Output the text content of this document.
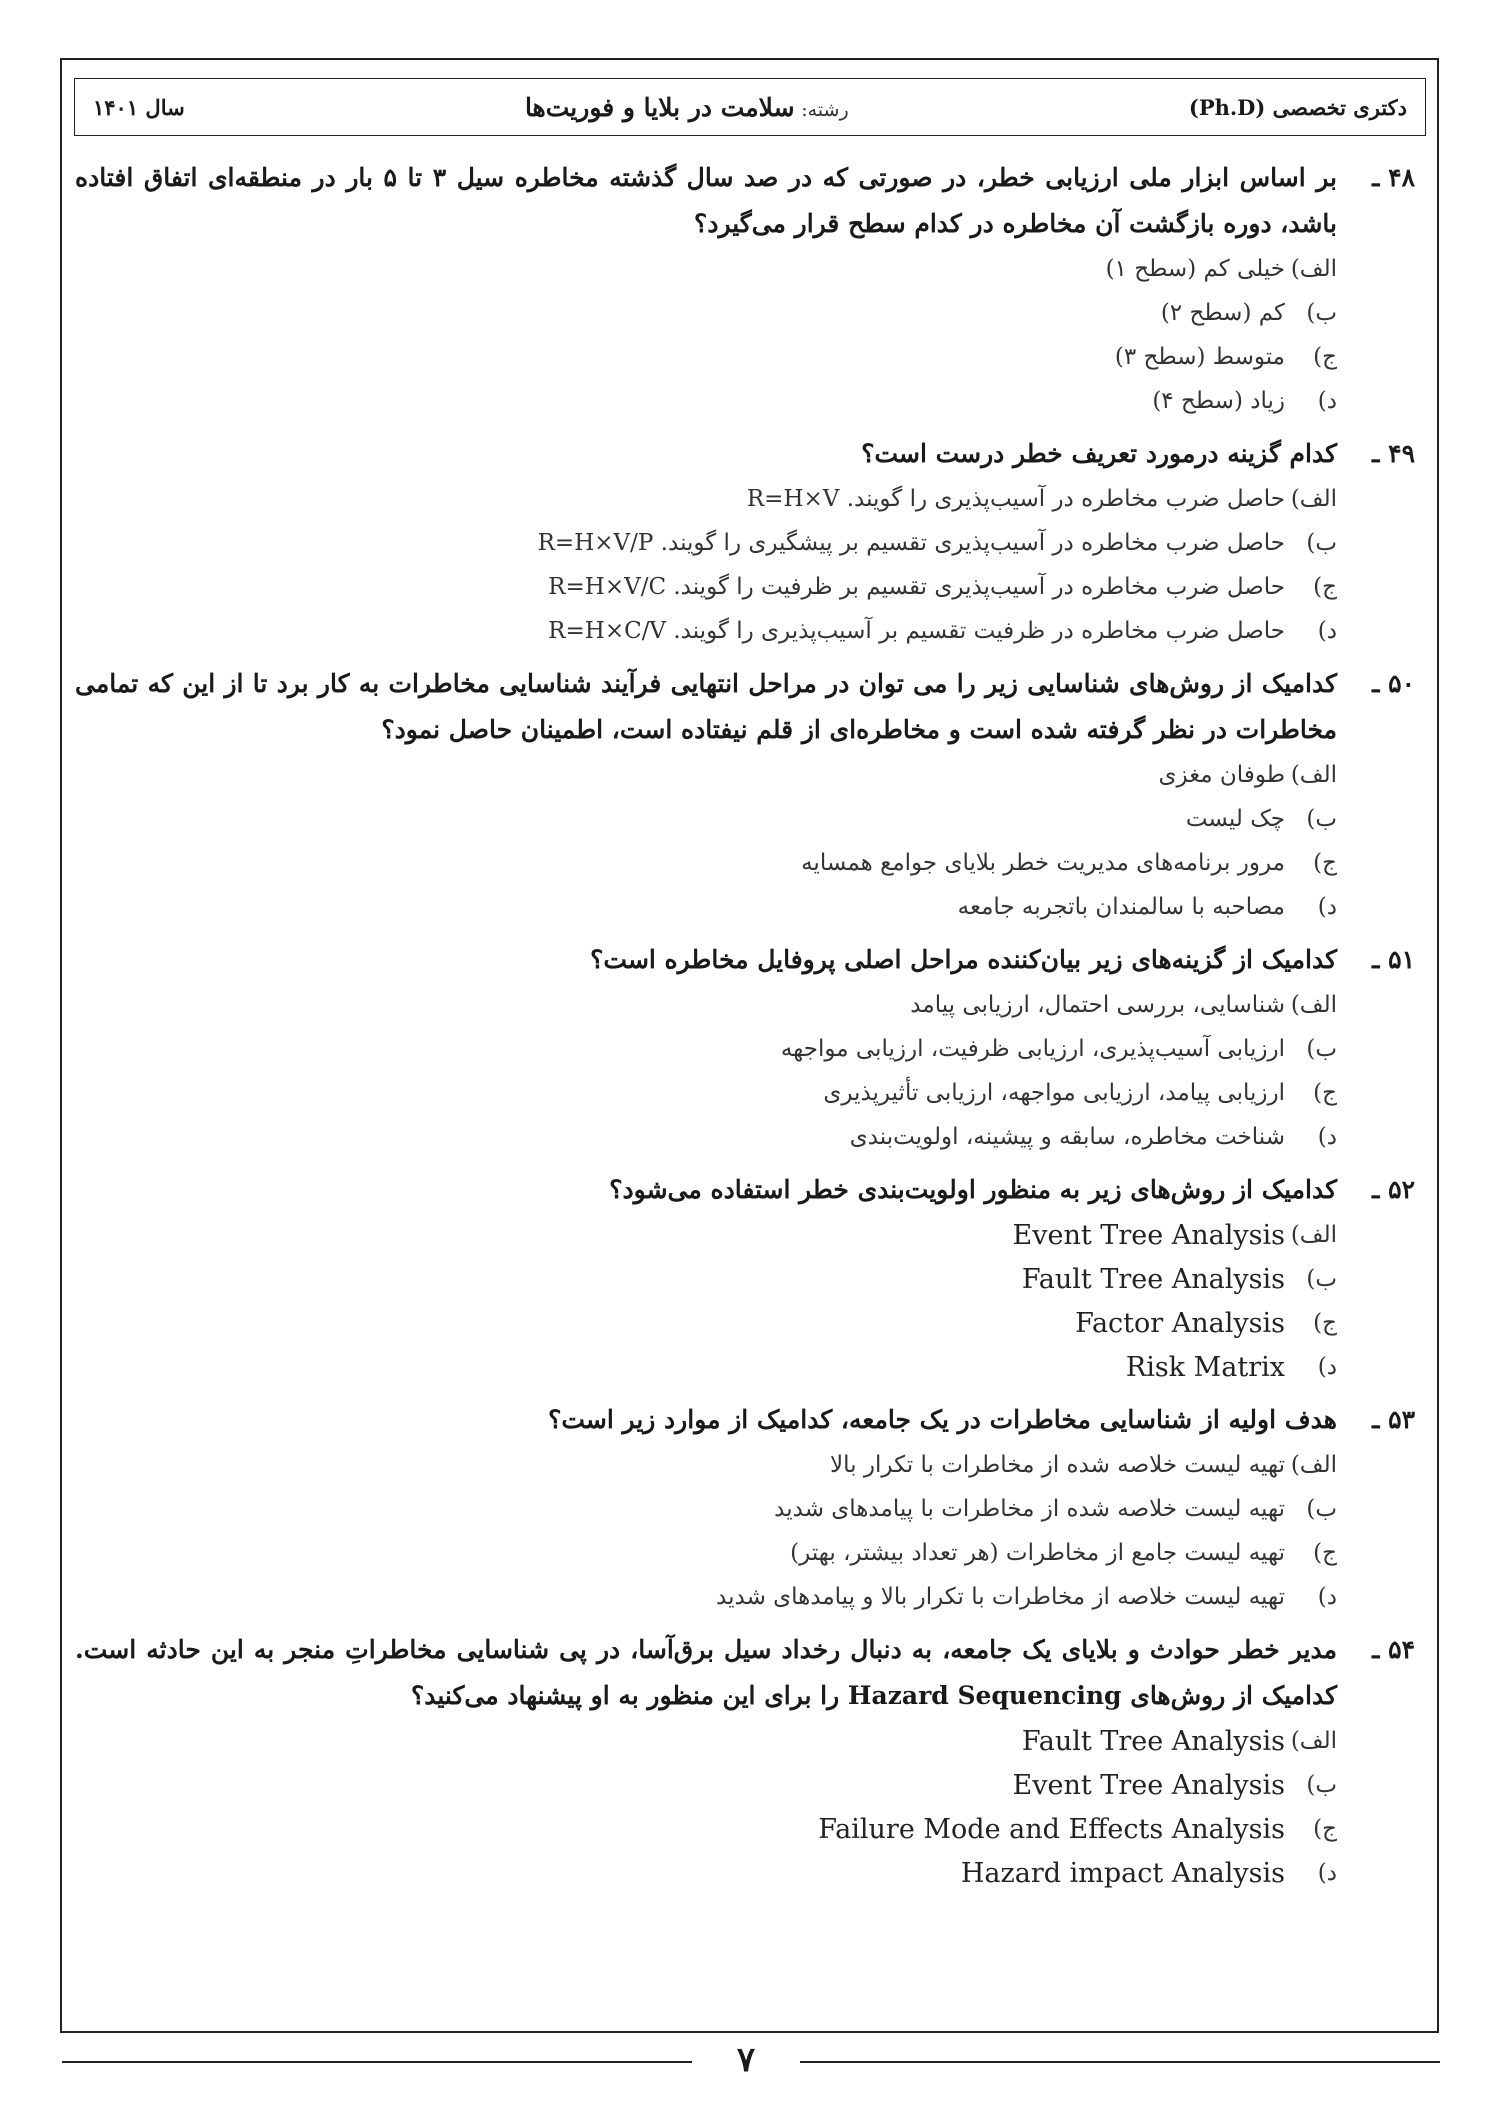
دکتری تخصصی (Ph.D)
رشته: سلامت در بلایا و فوریت‌ها
سال ۱۴۰۱
۴۸ ـ
بر اساس ابزار ملی ارزیابی خطر، در صورتی که در صد سال گذشته مخاطره سیل ۳ تا ۵ بار در منطقه‌ای اتفاق افتاده باشد، دوره بازگشت آن مخاطره در کدام سطح قرار می‌گیرد؟
الف)
خیلی کم (سطح ۱)
ب)
کم (سطح ۲)
ج)
متوسط (سطح ۳)
د)
زیاد (سطح ۴)
۴۹ ـ
کدام گزینه درمورد تعریف خطر درست است؟
الف)
حاصل ضرب مخاطره در آسیب‌پذیری را گویند. R=H×V
ب)
حاصل ضرب مخاطره در آسیب‌پذیری تقسیم بر پیشگیری را گویند. R=H×V/P
ج)
حاصل ضرب مخاطره در آسیب‌پذیری تقسیم بر ظرفیت را گویند. R=H×V/C
د)
حاصل ضرب مخاطره در ظرفیت تقسیم بر آسیب‌پذیری را گویند. R=H×C/V
۵۰ ـ
کدامیک از روش‌های شناسایی زیر را می توان در مراحل انتهایی فرآیند شناسایی مخاطرات به کار برد تا از این که تمامی مخاطرات در نظر گرفته شده است و مخاطره‌ای از قلم نیفتاده است، اطمینان حاصل نمود؟
الف)
طوفان مغزی
ب)
چک لیست
ج)
مرور برنامه‌های مدیریت خطر بلایای جوامع همسایه
د)
مصاحبه با سالمندان باتجربه جامعه
۵۱ ـ
کدامیک از گزینه‌های زیر بیان‌کننده مراحل اصلی پروفایل مخاطره است؟
الف)
شناسایی، بررسی احتمال، ارزیابی پیامد
ب)
ارزیابی آسیب‌پذیری، ارزیابی ظرفیت، ارزیابی مواجهه
ج)
ارزیابی پیامد، ارزیابی مواجهه، ارزیابی تأثیرپذیری
د)
شناخت مخاطره، سابقه و پیشینه، اولویت‌بندی
۵۲ ـ
کدامیک از روش‌های زیر به منظور اولویت‌بندی خطر استفاده می‌شود؟
الف)
Event Tree Analysis
ب)
Fault Tree Analysis
ج)
Factor Analysis
د)
Risk Matrix
۵۳ ـ
هدف اولیه از شناسایی مخاطرات در یک جامعه، کدامیک از موارد زیر است؟
الف)
تهیه لیست خلاصه شده از مخاطرات با تکرار بالا
ب)
تهیه لیست خلاصه شده از مخاطرات با پیامدهای شدید
ج)
تهیه لیست جامع از مخاطرات (هر تعداد بیشتر، بهتر)
د)
تهیه لیست خلاصه از مخاطرات با تکرار بالا و پیامدهای شدید
۵۴ ـ
مدیر خطر حوادث و بلایای یک جامعه، به دنبال رخداد سیل برق‌آسا، در پی شناسایی مخاطراتِ منجر به این حادثه است. کدامیک از روش‌های Hazard Sequencing را برای این منظور به او پیشنهاد می‌کنید؟
الف)
Fault Tree Analysis
ب)
Event Tree Analysis
ج)
Failure Mode and Effects Analysis
د)
Hazard impact Analysis
۷
